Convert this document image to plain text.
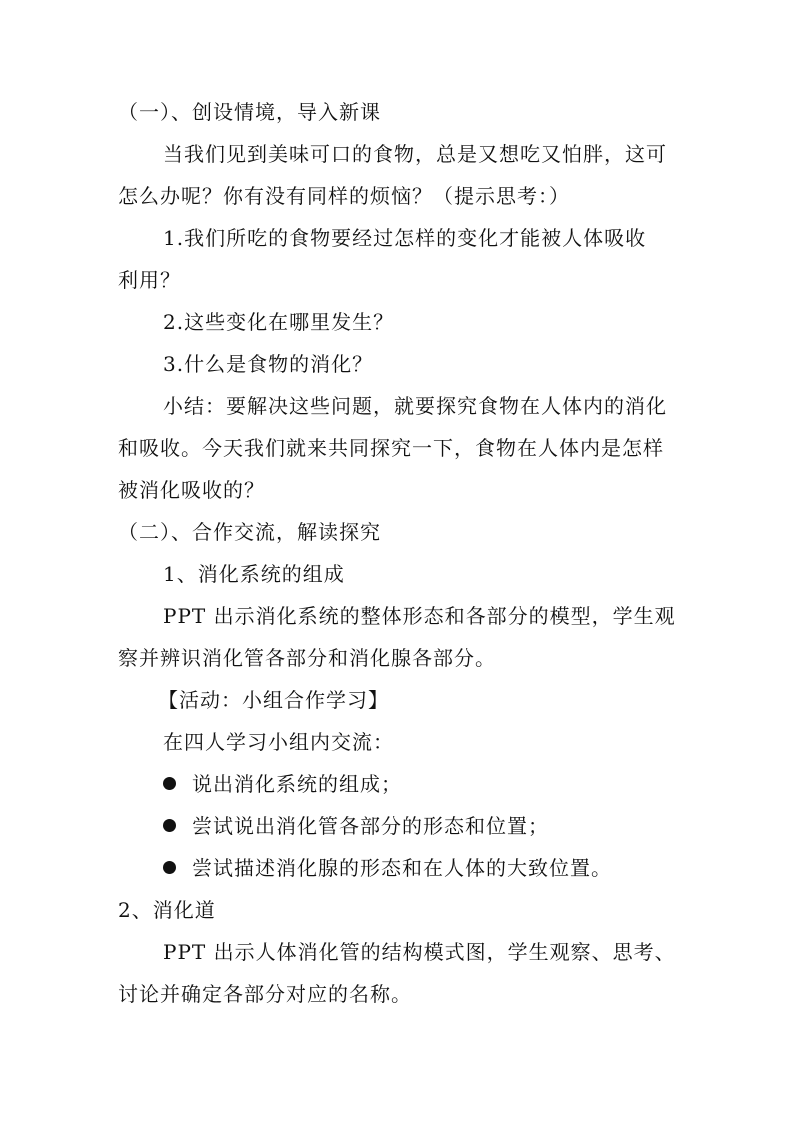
（一）、创设情境，导入新课
当我们见到美味可口的食物，总是又想吃又怕胖，这可
怎么办呢？你有没有同样的烦恼？（提示思考：）
1.我们所吃的食物要经过怎样的变化才能被人体吸收
利用？
2.这些变化在哪里发生？
3.什么是食物的消化？
小结：要解决这些问题，就要探究食物在人体内的消化
和吸收。今天我们就来共同探究一下，食物在人体内是怎样
被消化吸收的？
（二）、合作交流，解读探究
1、消化系统的组成
PPT 出示消化系统的整体形态和各部分的模型，学生观
察并辨识消化管各部分和消化腺各部分。
【活动：小组合作学习】
在四人学习小组内交流：
说出消化系统的组成；
尝试说出消化管各部分的形态和位置；
尝试描述消化腺的形态和在人体的大致位置。
2、消化道
PPT 出示人体消化管的结构模式图，学生观察、思考、
讨论并确定各部分对应的名称。
